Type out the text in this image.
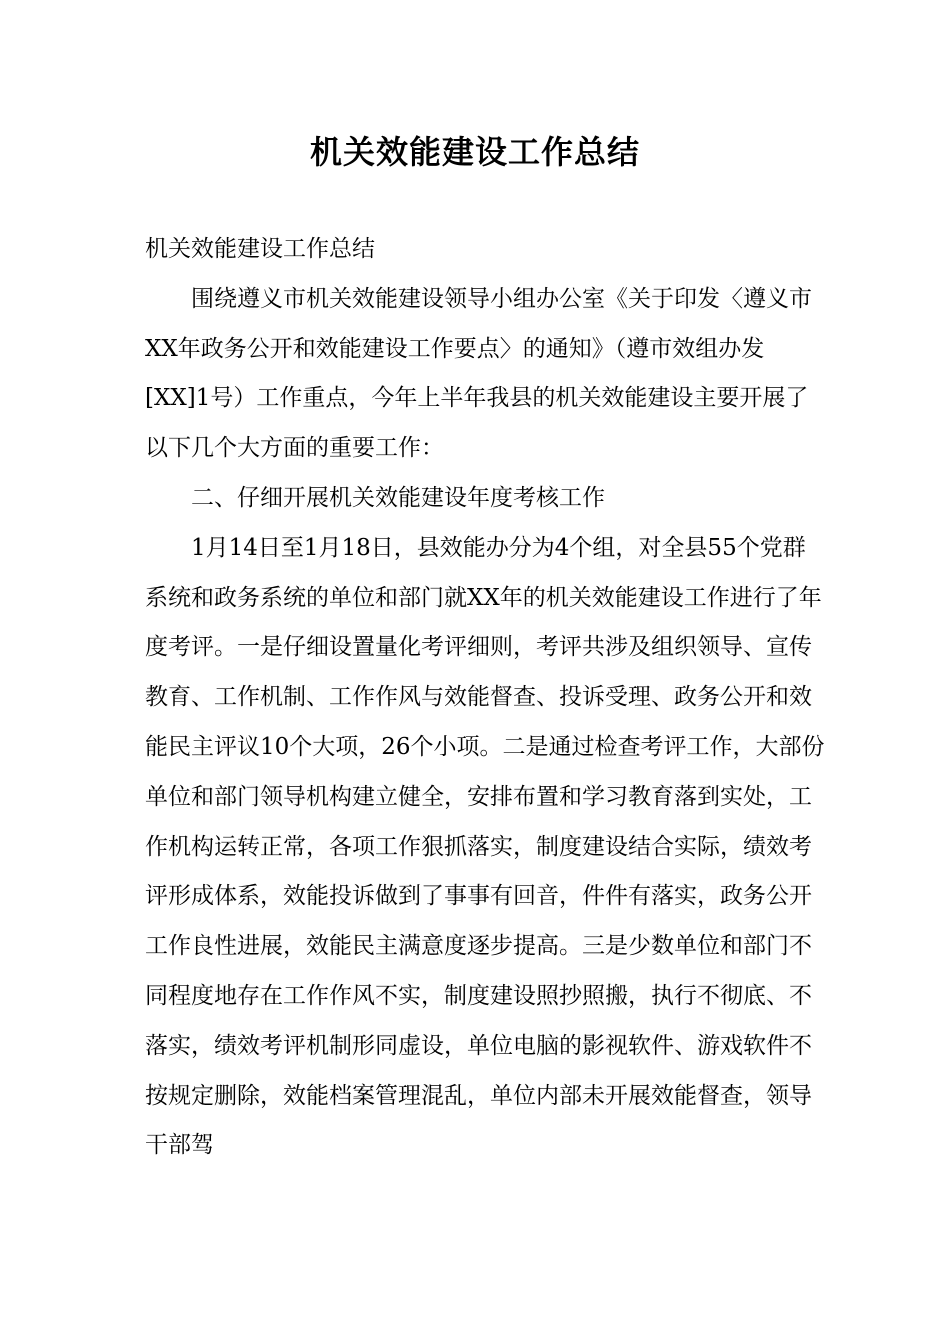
机关效能建设工作总结

机关效能建设工作总结

围绕遵义市机关效能建设领导小组办公室《关于印发〈遵义市XX年政务公开和效能建设工作要点〉的通知》（遵市效组办发[XX]1号）工作重点，今年上半年我县的机关效能建设主要开展了以下几个大方面的重要工作：

二、仔细开展机关效能建设年度考核工作

1月14日至1月18日，县效能办分为4个组，对全县55个党群系统和政务系统的单位和部门就XX年的机关效能建设工作进行了年度考评。一是仔细设置量化考评细则，考评共涉及组织领导、宣传教育、工作机制、工作作风与效能督查、投诉受理、政务公开和效能民主评议10个大项，26个小项。二是通过检查考评工作，大部份单位和部门领导机构建立健全，安排布置和学习教育落到实处，工作机构运转正常，各项工作狠抓落实，制度建设结合实际，绩效考评形成体系，效能投诉做到了事事有回音，件件有落实，政务公开工作良性进展，效能民主满意度逐步提高。三是少数单位和部门不同程度地存在工作作风不实，制度建设照抄照搬，执行不彻底、不落实，绩效考评机制形同虚设，单位电脑的影视软件、游戏软件不按规定删除，效能档案管理混乱，单位内部未开展效能督查，领导干部驾
